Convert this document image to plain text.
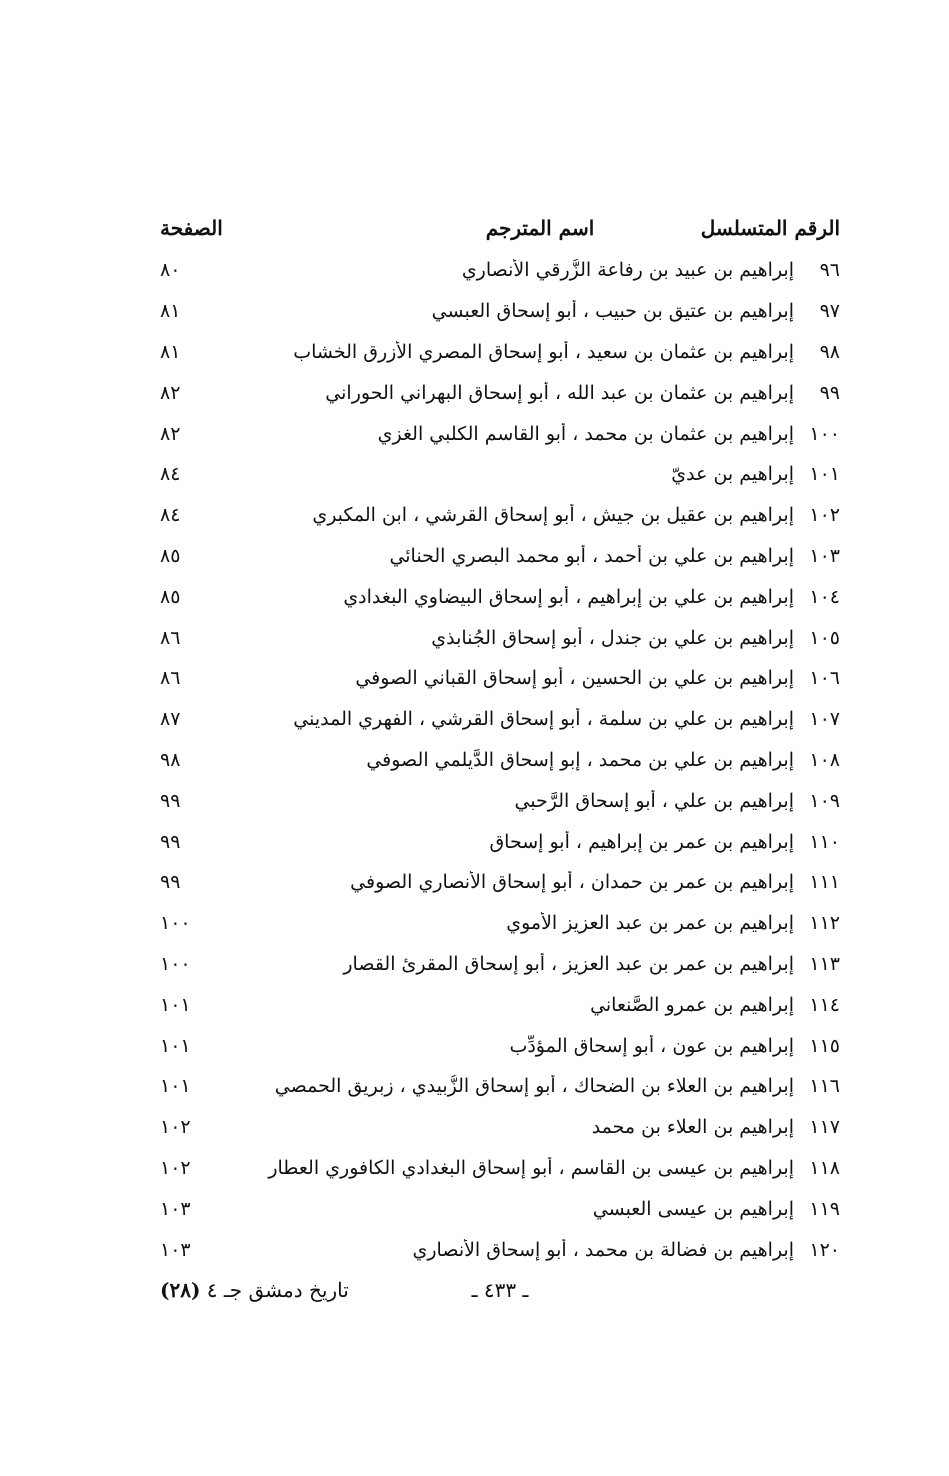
الرقم المتسلسل
اسم المترجم
الصفحة
٩٦
إبراهيم بن عبيد بن رفاعة الزُّرقي الأنصاري
٨٠
٩٧
إبراهيم بن عتيق بن حبيب ، أبو إسحاق العبسي
٨١
٩٨
إبراهيم بن عثمان بن سعيد ، أبو إسحاق المصري الأزرق الخشاب
٨١
٩٩
إبراهيم بن عثمان بن عبد الله ، أبو إسحاق البهراني الحوراني
٨٢
١٠٠
إبراهيم بن عثمان بن محمد ، أبو القاسم الكلبي الغزي
٨٢
١٠١
إبراهيم بن عديّ
٨٤
١٠٢
إبراهيم بن عقيل بن جيش ، أبو إسحاق القرشي ، ابن المكبري
٨٤
١٠٣
إبراهيم بن علي بن أحمد ، أبو محمد البصري الحنائي
٨٥
١٠٤
إبراهيم بن علي بن إبراهيم ، أبو إسحاق البيضاوي البغدادي
٨٥
١٠٥
إبراهيم بن علي بن جندل ، أبو إسحاق الجُنابذي
٨٦
١٠٦
إبراهيم بن علي بن الحسين ، أبو إسحاق القباني الصوفي
٨٦
١٠٧
إبراهيم بن علي بن سلمة ، أبو إسحاق القرشي ، الفهري المديني
٨٧
١٠٨
إبراهيم بن علي بن محمد ، إبو إسحاق الدَّيلمي الصوفي
٩٨
١٠٩
إبراهيم بن علي ، أبو إسحاق الرَّحبي
٩٩
١١٠
إبراهيم بن عمر بن إبراهيم ، أبو إسحاق
٩٩
١١١
إبراهيم بن عمر بن حمدان ، أبو إسحاق الأُنصاري الصوفي
٩٩
١١٢
إبراهيم بن عمر بن عبد العزيز الأموي
١٠٠
١١٣
إبراهيم بن عمر بن عبد العزيز ، أبو إسحاق المقرئ القصار
١٠٠
١١٤
إبراهيم بن عمرو الصَّنعاني
١٠١
١١٥
إبراهيم بن عون ، أبو إسحاق المؤدِّب
١٠١
١١٦
إبراهيم بن العلاء بن الضحاك ، أبو إسحاق الزُّبيدي ، زبريق الحمصي
١٠١
١١٧
إبراهيم بن العلاء بن محمد
١٠٢
١١٨
إبراهيم بن عيسى بن القاسم ، أبو إسحاق البغدادي الكافوري العطار
١٠٢
١١٩
إبراهيم بن عيسى العبسي
١٠٣
١٢٠
إبراهيم بن فضالة بن محمد ، أبو إسحاق الأنصاري
١٠٣
ـ ٤٣٣ ـ
تاريخ دمشق جـ ٤ (٢٨)
